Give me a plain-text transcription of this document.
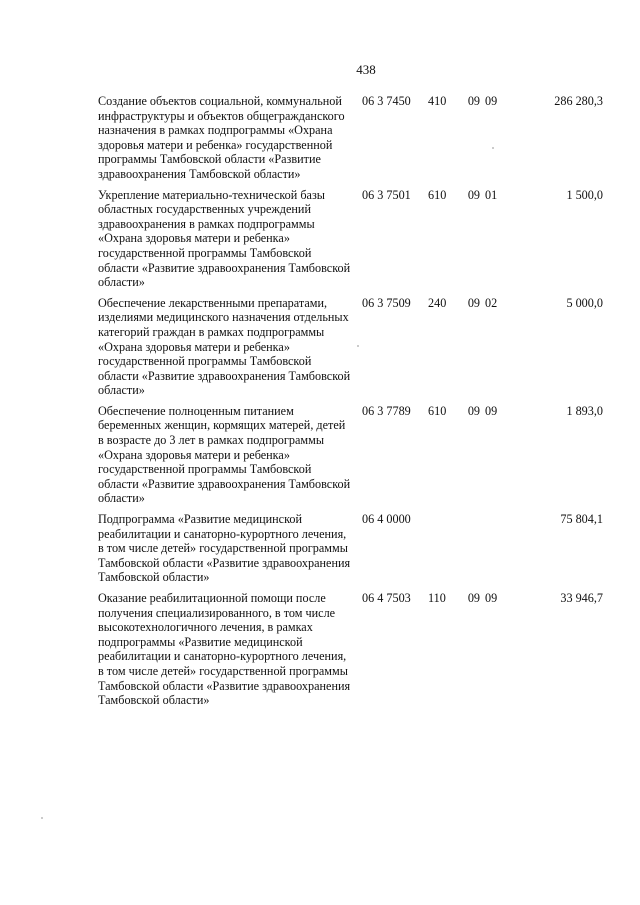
438
Создание объектов социальной, коммунальной инфраструктуры и объектов общегражданского назначения в рамках подпрограммы «Охрана здоровья матери и ребенка» государственной программы Тамбовской области «Развитие здравоохранения Тамбовской области»	06 3 7450	410	09	09	286 280,3
Укрепление материально-технической базы областных государственных учреждений здравоохранения в рамках подпрограммы «Охрана здоровья матери и ребенка» государственной программы Тамбовской области «Развитие здравоохранения Тамбовской области»	06 3 7501	610	09	01	1 500,0
Обеспечение лекарственными препаратами, изделиями медицинского назначения отдельных категорий граждан в рамках подпрограммы «Охрана здоровья матери и ребенка» государственной программы Тамбовской области «Развитие здравоохранения Тамбовской области»	06 3 7509	240	09	02	5 000,0
Обеспечение полноценным питанием беременных женщин, кормящих матерей, детей в возрасте до 3 лет в рамках подпрограммы «Охрана здоровья матери и ребенка» государственной программы Тамбовской области «Развитие здравоохранения Тамбовской области»	06 3 7789	610	09	09	1 893,0
Подпрограмма «Развитие медицинской реабилитации и санаторно-курортного лечения, в том числе детей» государственной программы Тамбовской области «Развитие здравоохранения Тамбовской области»	06 4 0000				75 804,1
Оказание реабилитационной помощи после получения специализированного, в том числе высокотехнологичного лечения, в рамках подпрограммы «Развитие медицинской реабилитации и санаторно-курортного лечения, в том числе детей» государственной программы Тамбовской области «Развитие здравоохранения Тамбовской области»	06 4 7503	110	09	09	33 946,7
